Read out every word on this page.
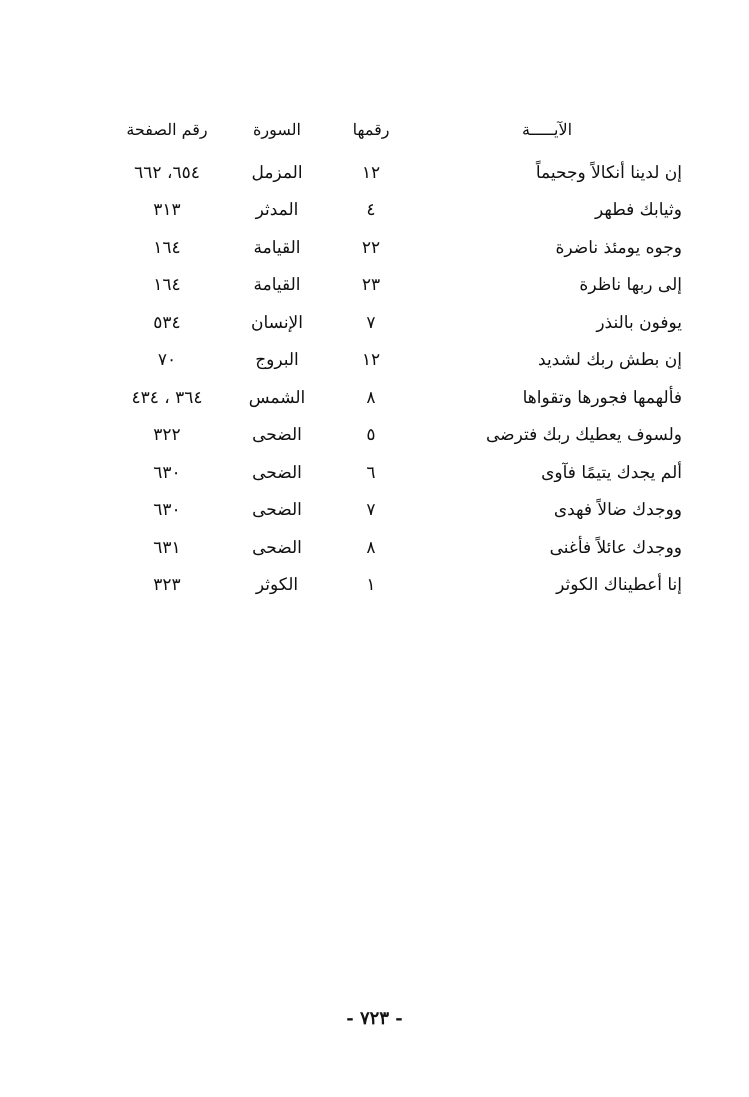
الآيـــــة
رقمها
السورة
رقم الصفحة
إن لدينا أنكالاً وجحيماً
١٢
المزمل
٦٥٤، ٦٦٢
وثيابك فطهر
٤
المدثر
٣١٣
وجوه يومئذ ناضرة
٢٢
القيامة
١٦٤
إلى ربها ناظرة
٢٣
القيامة
١٦٤
يوفون بالنذر
٧
الإنسان
٥٣٤
إن بطش ربك لشديد
١٢
البروج
٧٠
فألهمها فجورها وتقواها
٨
الشمس
٣٦٤ ، ٤٣٤
ولسوف يعطيك ربك فترضى
٥
الضحى
٣٢٢
ألم يجدك يتيمًا فآوى
٦
الضحى
٦٣٠
ووجدك ضالاً فهدى
٧
الضحى
٦٣٠
ووجدك عائلاً فأغنى
٨
الضحى
٦٣١
إنا أعطيناك الكوثر
١
الكوثر
٣٢٣
- ٧٢٣ -
